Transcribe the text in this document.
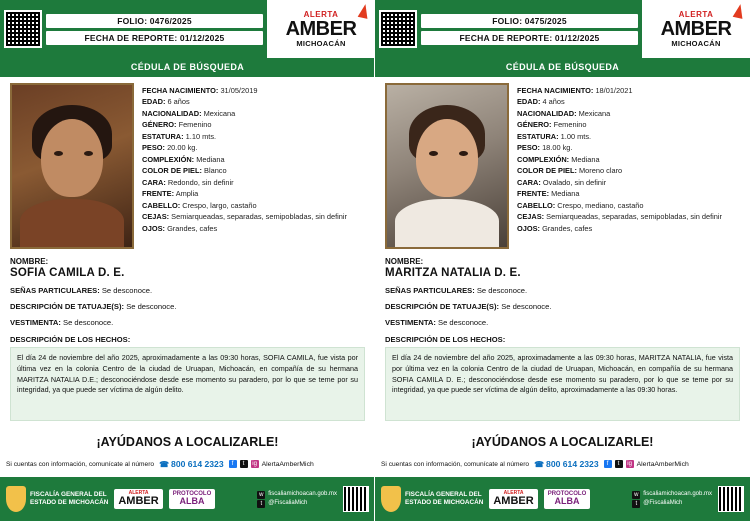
FOLIO: 0476/2025
FECHA DE REPORTE: 01/12/2025
ALERTA
AMBER
MICHOACÁN
CÉDULA DE BÚSQUEDA
FECHA NACIMIENTO: 31/05/2019
EDAD: 6 años
NACIONALIDAD: Mexicana
GÉNERO: Femenino
ESTATURA: 1.10 mts.
PESO: 20.00 kg.
COMPLEXIÓN: Mediana
COLOR DE PIEL: Blanco
CARA: Redondo, sin definir
FRENTE: Amplia
CABELLO: Crespo, largo, castaño
CEJAS: Semiarqueadas, separadas, semipobladas, sin definir
OJOS: Grandes, cafes
NOMBRE:
SOFIA CAMILA D. E.
SEÑAS PARTICULARES: Se desconoce.
DESCRIPCIÓN DE TATUAJE(S): Se desconoce.
VESTIMENTA: Se desconoce.
DESCRIPCIÓN DE LOS HECHOS:
El día 24 de noviembre del año 2025, aproximadamente a las 09:30 horas, SOFIA CAMILA, fue vista por última vez en la colonia Centro de la ciudad de Uruapan, Michoacán, en compañía de su hermana MARITZA NATALIA D.E.; desconociéndose desde ese momento su paradero, por lo que se teme por su integridad, ya que puede ser víctima de algún delito.
¡AYÚDANOS A LOCALIZARLE!
Si cuentas con información, comunícate al número ☎ 800 614 2323	f	t	ig AlertaAmberMich
FISCALÍA GENERAL DEL
ESTADO DE MICHOACÁN
ALERTA
AMBER
PROTOCOLO
ALBA
w fiscaliamichoacan.gob.mx
t	@FiscaliaMich
FOLIO: 0475/2025
FECHA DE REPORTE: 01/12/2025
ALERTA
AMBER
MICHOACÁN
CÉDULA DE BÚSQUEDA
FECHA NACIMIENTO: 18/01/2021
EDAD: 4 años
NACIONALIDAD: Mexicana
GÉNERO: Femenino
ESTATURA: 1.00 mts.
PESO: 18.00 kg.
COMPLEXIÓN: Mediana
COLOR DE PIEL: Moreno claro
CARA: Ovalado, sin definir
FRENTE: Mediana
CABELLO: Crespo, mediano, castaño
CEJAS: Semiarqueadas, separadas, semipobladas, sin definir
OJOS: Grandes, cafes
NOMBRE:
MARITZA NATALIA D. E.
SEÑAS PARTICULARES: Se desconoce.
DESCRIPCIÓN DE TATUAJE(S): Se desconoce.
VESTIMENTA: Se desconoce.
DESCRIPCIÓN DE LOS HECHOS:
El día 24 de noviembre del año 2025, aproximadamente a las 09:30 horas, MARITZA NATALIA, fue vista por última vez en la colonia Centro de la ciudad de Uruapan, Michoacán, en compañía de su hermana SOFIA CAMILA D. E.; desconociéndose desde ese momento su paradero, por lo que se teme por su integridad, ya que puede ser víctima de algún delito, aproximadamente a las 09:30 horas.
¡AYÚDANOS A LOCALIZARLE!
Si cuentas con información, comunícate al número ☎ 800 614 2323	f	t	ig AlertaAmberMich
FISCALÍA GENERAL DEL
ESTADO DE MICHOACÁN
ALERTA
AMBER
PROTOCOLO
ALBA
w fiscaliamichoacan.gob.mx
t	@FiscaliaMich
